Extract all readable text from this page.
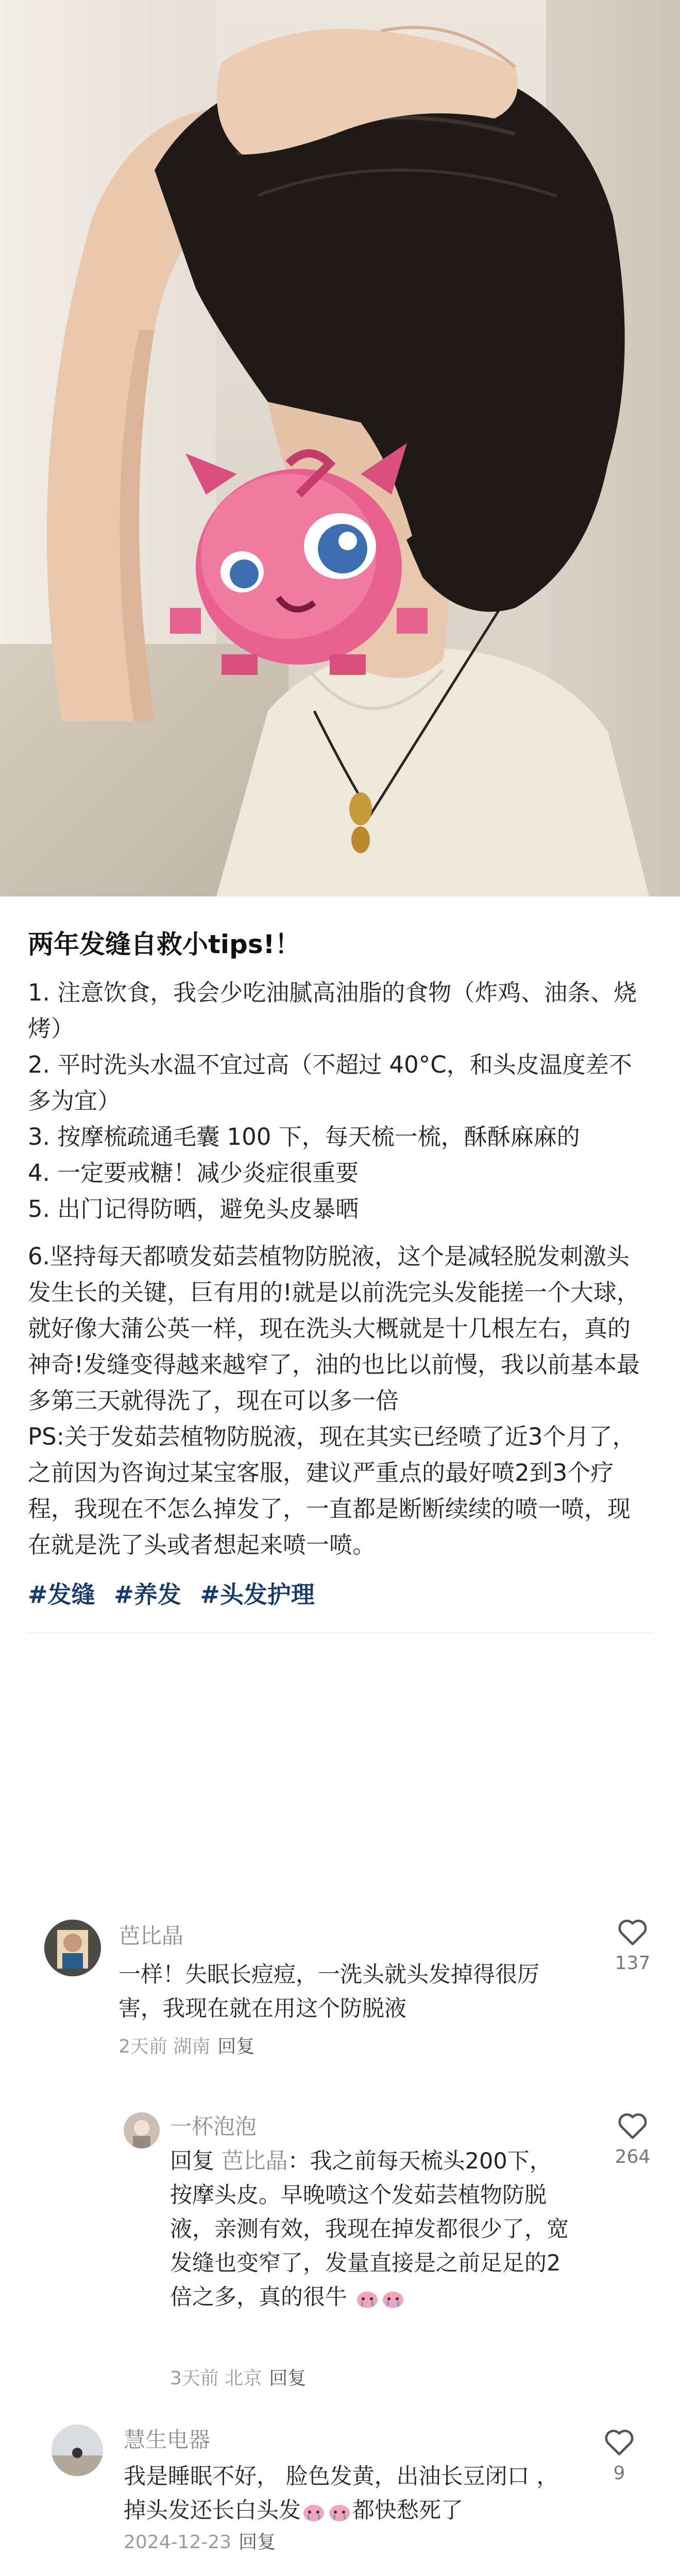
两年发缝自救小tips!！

1. 注意饮食，我会少吃油腻高油脂的食物（炸鸡、油条、烧烤）

2. 平时洗头水温不宜过高（不超过 40°C，和头皮温度差不多为宜）

3. 按摩梳疏通毛囊 100 下，每天梳一梳，酥酥麻麻的

4. 一定要戒糖！减少炎症很重要

5. 出门记得防晒，避免头皮暴晒

6.坚持每天都喷发茹芸植物防脱液，这个是减轻脱发刺激头发生长的关键，巨有用的!就是以前洗完头发能搓一个大球，就好像大蒲公英一样，现在洗头大概就是十几根左右，真的神奇!发缝变得越来越窄了，油的也比以前慢，我以前基本最多第三天就得洗了，现在可以多一倍

PS:关于发茹芸植物防脱液，现在其实已经喷了近3个月了，之前因为咨询过某宝客服，建议严重点的最好喷2到3个疗程，我现在不怎么掉发了，一直都是断断续续的喷一喷，现在就是洗了头或者想起来喷一喷。

#发缝 #养发 #头发护理
芭比晶
一样！失眠长痘痘，一洗头就头发掉得很厉害，我现在就在用这个防脱液
2天前 湖南 回复
137
一杯泡泡
回复 芭比晶：我之前每天梳头200下，按摩头皮。早晚喷这个发茹芸植物防脱液，亲测有效，我现在掉发都很少了，宽发缝也变窄了，发量直接是之前足足的2倍之多，真的很牛
3天前 北京 回复
264
慧生电器
我是睡眠不好， 脸色发黄，出油长豆闭口 ， 掉头发还长白头发 都快愁死了
2024-12-23 回复
9
